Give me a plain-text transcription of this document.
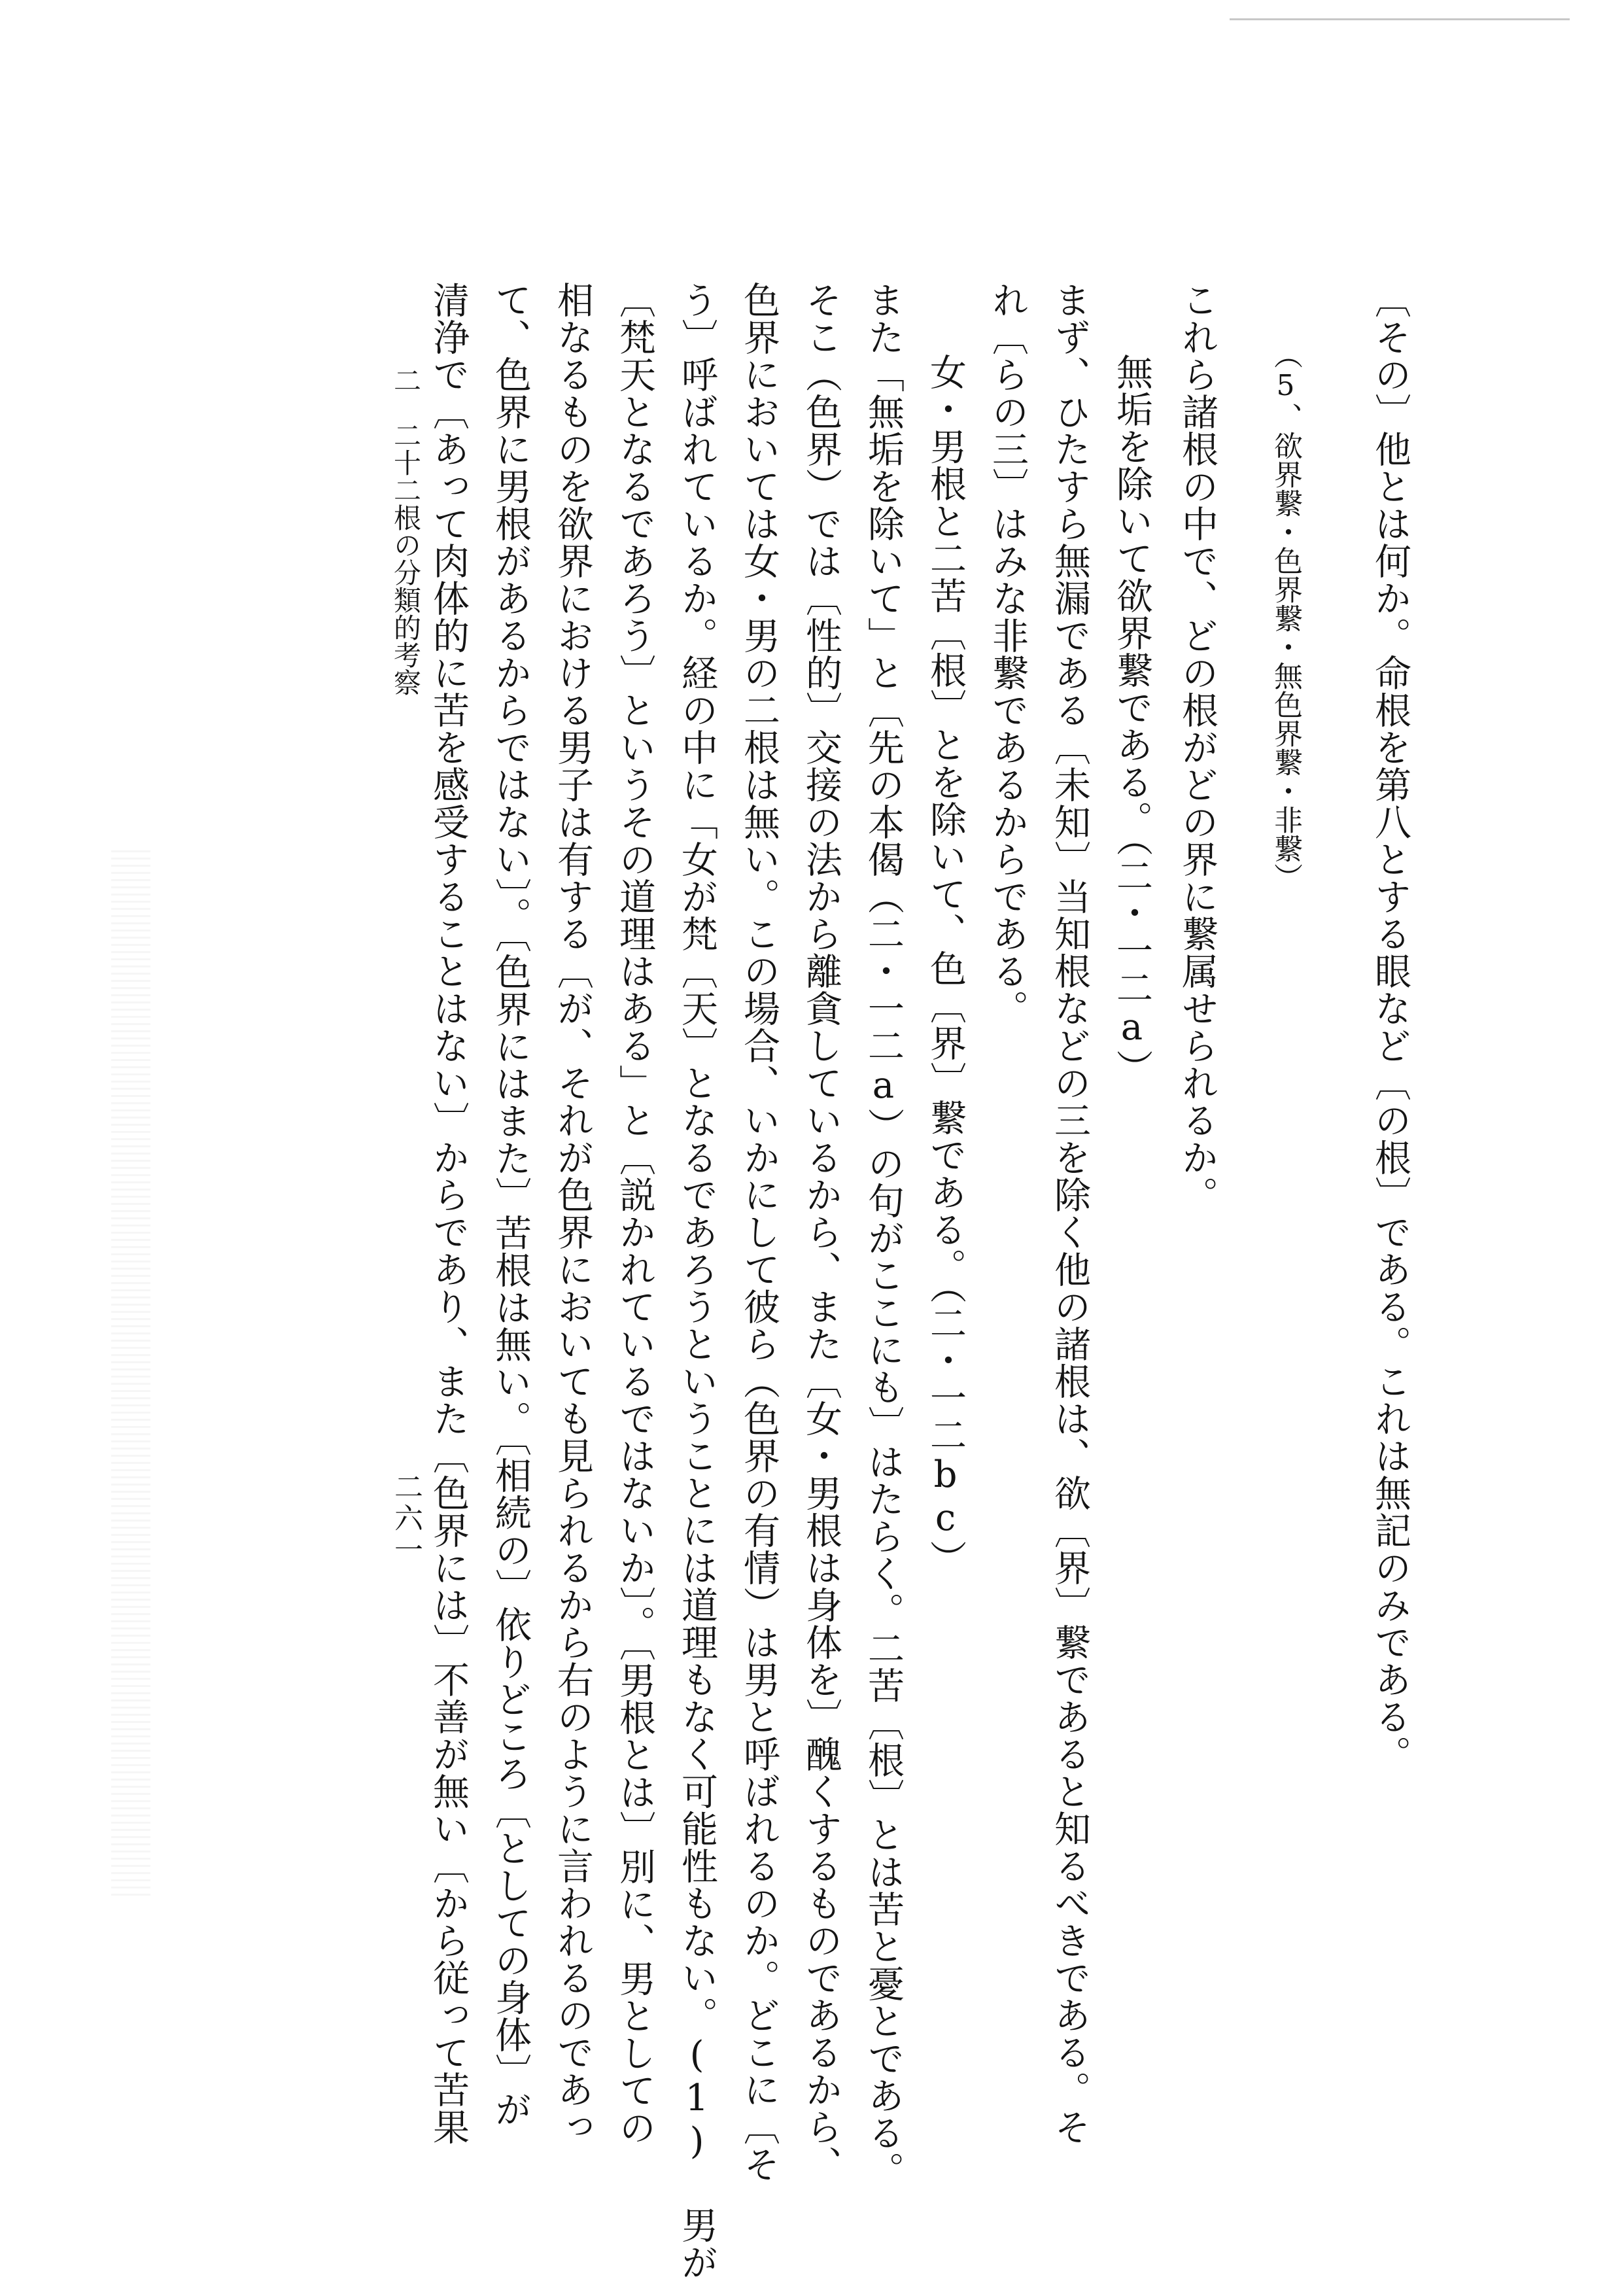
〔その〕他とは何か。命根を第八とする眼など〔の根〕である。これは無記のみである。
（5、欲界繋・色界繋・無色界繋・非繋）
これら諸根の中で、どの根がどの界に繋属せられるか。
無垢を除いて欲界繋である。（二・一二a）
まず、ひたすら無漏である〔未知〕当知根などの三を除く他の諸根は、欲〔界〕繋であると知るべきである。そ
れ〔らの三〕はみな非繋であるからである。
女・男根と二苦〔根〕とを除いて、色〔界〕繋である。（二・一二bc）
また「無垢を除いて」と〔先の本偈（二・一二a）の句がここにも〕はたらく。二苦〔根〕とは苦と憂とである。
そこ（色界）では〔性的〕交接の法から離貪しているから、また〔女・男根は身体を〕醜くするものであるから、
色界においては女・男の二根は無い。この場合、いかにして彼ら（色界の有情）は男と呼ばれるのか。どこに〔そ
う〕呼ばれているか。経の中に「女が梵〔天〕となるであろうということには道理もなく可能性もない。(1) 男が
〔梵天となるであろう〕というその道理はある」と〔説かれているではないか〕。〔男根とは〕別に、男としての
相なるものを欲界における男子は有する〔が、それが色界においても見られるから右のように言われるのであっ
て、色界に男根があるからではない〕。〔色界にはまた〕苦根は無い。〔相続の〕依りどころ〔としての身体〕が
清浄で〔あって肉体的に苦を感受することはない〕からであり、また〔色界には〕不善が無い〔から従って苦果
二　二十二根の分類的考察
二六一
